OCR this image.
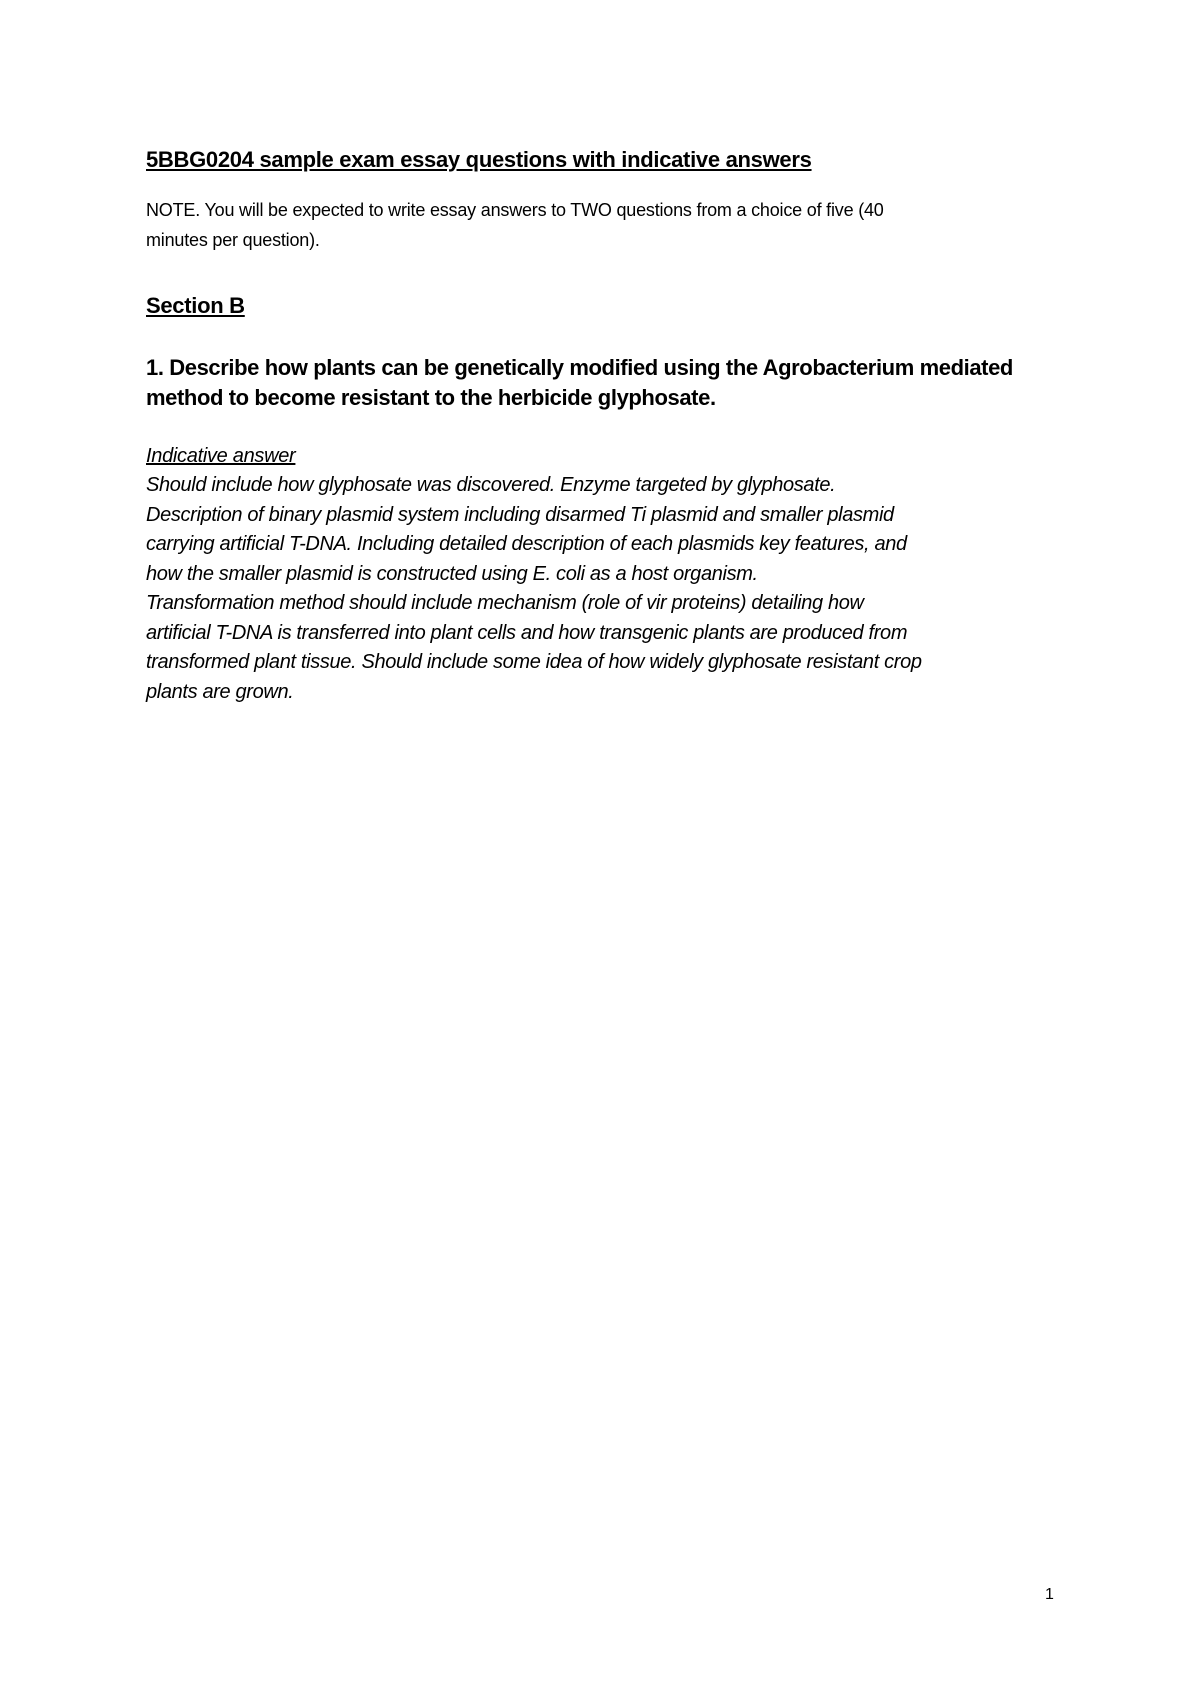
5BBG0204 sample exam essay questions with indicative answers

NOTE. You will be expected to write essay answers to TWO questions from a choice of five (40
minutes per question).

Section B

1. Describe how plants can be genetically modified using the Agrobacterium mediated
method to become resistant to the herbicide glyphosate.

Indicative answer

Should include how glyphosate was discovered. Enzyme targeted by glyphosate.
Description of binary plasmid system including disarmed Ti plasmid and smaller plasmid
carrying artificial T-DNA. Including detailed description of each plasmids key features, and
how the smaller plasmid is constructed using E. coli as a host organism.

Transformation method should include mechanism (role of vir proteins) detailing how
artificial T-DNA is transferred into plant cells and how transgenic plants are produced from
transformed plant tissue. Should include some idea of how widely glyphosate resistant crop
plants are grown.

1
